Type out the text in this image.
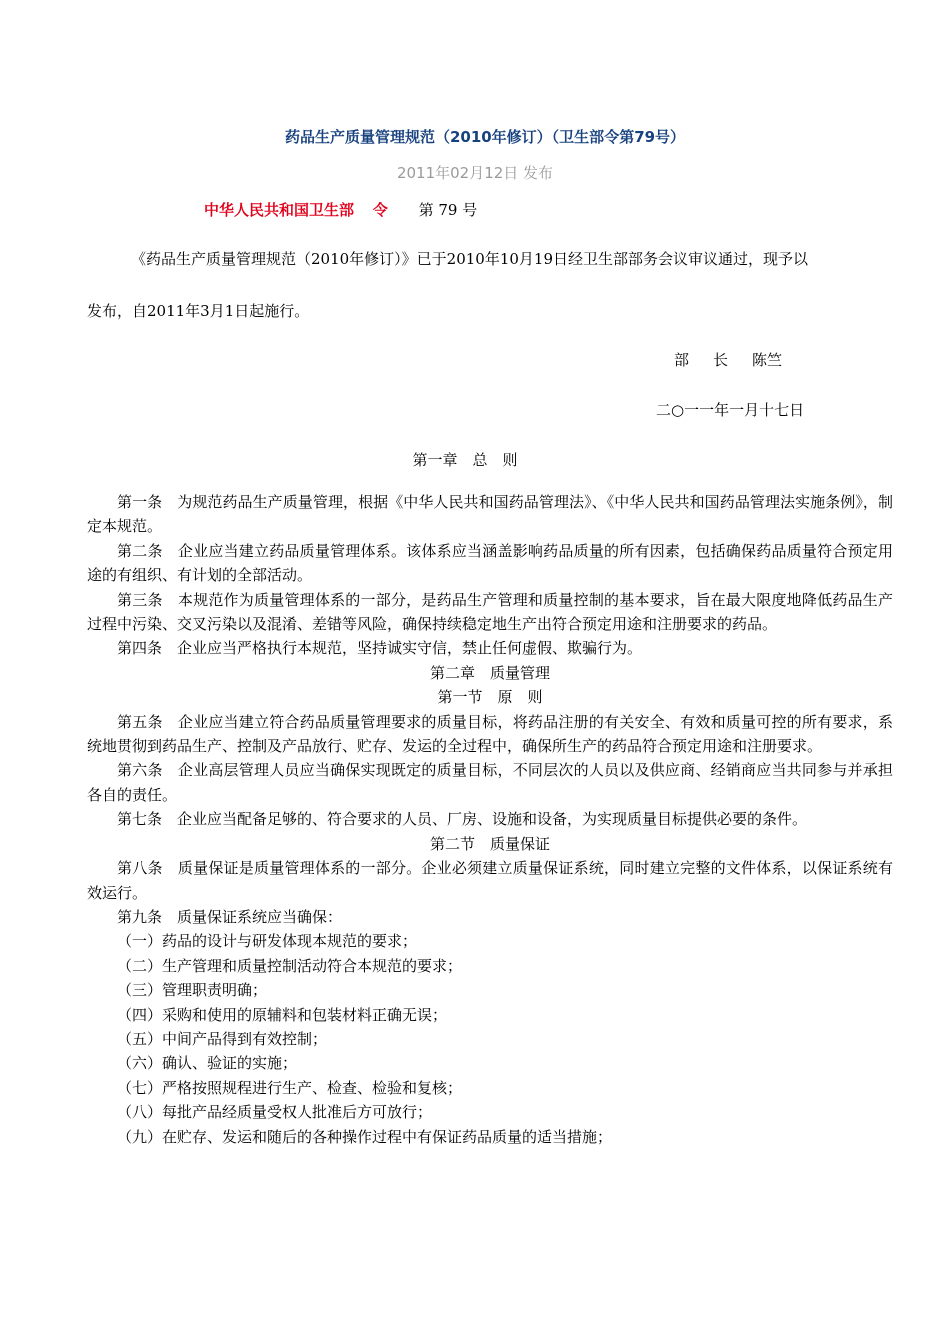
药品生产质量管理规范（2010年修订）（卫生部令第79号）
2011年02月12日 发布
中华人民共和国卫生部 令 第 79 号
《药品生产质量管理规范（2010年修订）》已于2010年10月19日经卫生部部务会议审议通过，现予以
发布，自2011年3月1日起施行。
部 长 陈竺
二○一一年一月十七日
第一章　总　则

第一条　为规范药品生产质量管理，根据《中华人民共和国药品管理法》、《中华人民共和国药品管理法实施条例》，制定本规范。

第二条　企业应当建立药品质量管理体系。该体系应当涵盖影响药品质量的所有因素，包括确保药品质量符合预定用途的有组织、有计划的全部活动。

第三条　本规范作为质量管理体系的一部分，是药品生产管理和质量控制的基本要求，旨在最大限度地降低药品生产过程中污染、交叉污染以及混淆、差错等风险，确保持续稳定地生产出符合预定用途和注册要求的药品。

第四条　企业应当严格执行本规范，坚持诚实守信，禁止任何虚假、欺骗行为。

第二章　质量管理

第一节　原　则

第五条　企业应当建立符合药品质量管理要求的质量目标，将药品注册的有关安全、有效和质量可控的所有要求，系统地贯彻到药品生产、控制及产品放行、贮存、发运的全过程中，确保所生产的药品符合预定用途和注册要求。

第六条　企业高层管理人员应当确保实现既定的质量目标，不同层次的人员以及供应商、经销商应当共同参与并承担各自的责任。

第七条　企业应当配备足够的、符合要求的人员、厂房、设施和设备，为实现质量目标提供必要的条件。

第二节　质量保证

第八条　质量保证是质量管理体系的一部分。企业必须建立质量保证系统，同时建立完整的文件体系，以保证系统有效运行。

第九条　质量保证系统应当确保：

（一）药品的设计与研发体现本规范的要求；

（二）生产管理和质量控制活动符合本规范的要求；

（三）管理职责明确；

（四）采购和使用的原辅料和包装材料正确无误；

（五）中间产品得到有效控制；

（六）确认、验证的实施；

（七）严格按照规程进行生产、检查、检验和复核；

（八）每批产品经质量受权人批准后方可放行；

（九）在贮存、发运和随后的各种操作过程中有保证药品质量的适当措施；
